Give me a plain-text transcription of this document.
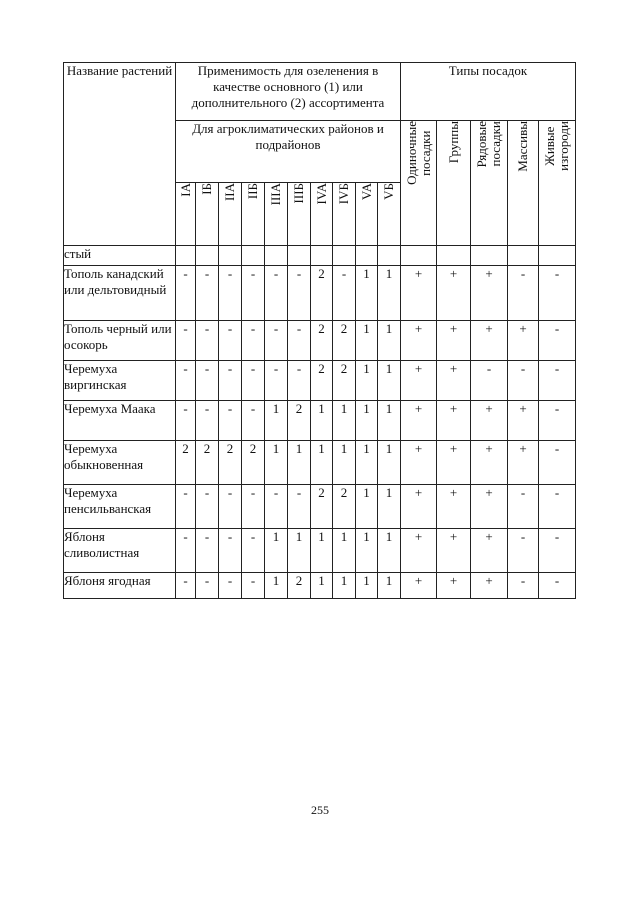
Название растений	Применимость для озеленения в качестве основного (1) или дополнительного (2) ассортимента										Типы посадок				
	Для агроклиматических районов и подрайонов										Одиночные посадки	Группы	Рядовые посадки	Массивы	Живые изгороди

	IA	IБ	IIA	IIБ	IIIA	IIIБ	IVA	IVБ	VA	VБ					
стый															
Тополь канадский или дельтовидный	-	-	-	-	-	-	2	-	1	1	+	+	+	-	-
Тополь черный или осокорь	-	-	-	-	-	-	2	2	1	1	+	+	+	+	-
Черемуха виргинская	-	-	-	-	-	-	2	2	1	1	+	+	-	-	-
Черемуха Маака	-	-	-	-	1	2	1	1	1	1	+	+	+	+	-
Черемуха обыкновенная	2	2	2	2	1	1	1	1	1	1	+	+	+	+	-
Черемуха пенсильванская	-	-	-	-	-	-	2	2	1	1	+	+	+	-	-
Яблоня сливолистная	-	-	-	-	1	1	1	1	1	1	+	+	+	-	-
Яблоня ягодная	-	-	-	-	1	2	1	1	1	1	+	+	+	-	-
255
